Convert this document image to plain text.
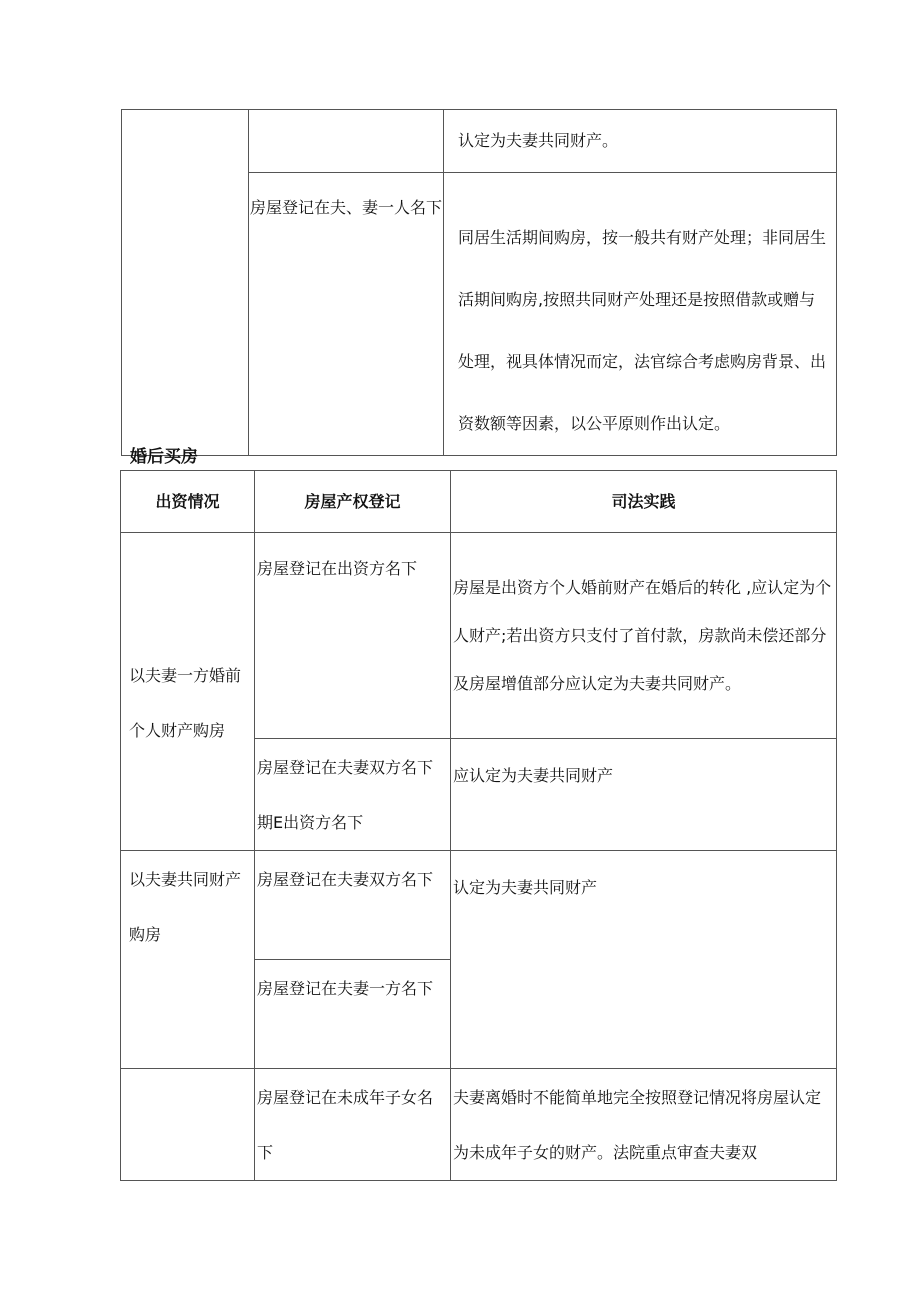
		认定为夫妻共同财产。
	房屋登记在夫、妻一人名下	同居生活期间购房，按一般共有财产处理；非同居生活期间购房,按照共同财产处理还是按照借款或赠与处理，视具体情况而定，法官综合考虑购房背景、出资数额等因素，以公平原则作出认定。
婚后买房
出资情况	房屋产权登记	司法实践

以夫妻一方婚前个人财产购房	房屋登记在出资方名下	房屋是出资方个人婚前财产在婚后的转化 ,应认定为个人财产;若出资方只支付了首付款，房款尚未偿还部分及房屋增值部分应认定为夫妻共同财产。
	房屋登记在夫妻双方名下期E出资方名下	应认定为夫妻共同财产
以夫妻共同财产购房	房屋登记在夫妻双方名下	认定为夫妻共同财产
	房屋登记在夫妻一方名下	
	房屋登记在未成年子女名下	夫妻离婚时不能简单地完全按照登记情况将房屋认定为未成年子女的财产。法院重点审查夫妻双
